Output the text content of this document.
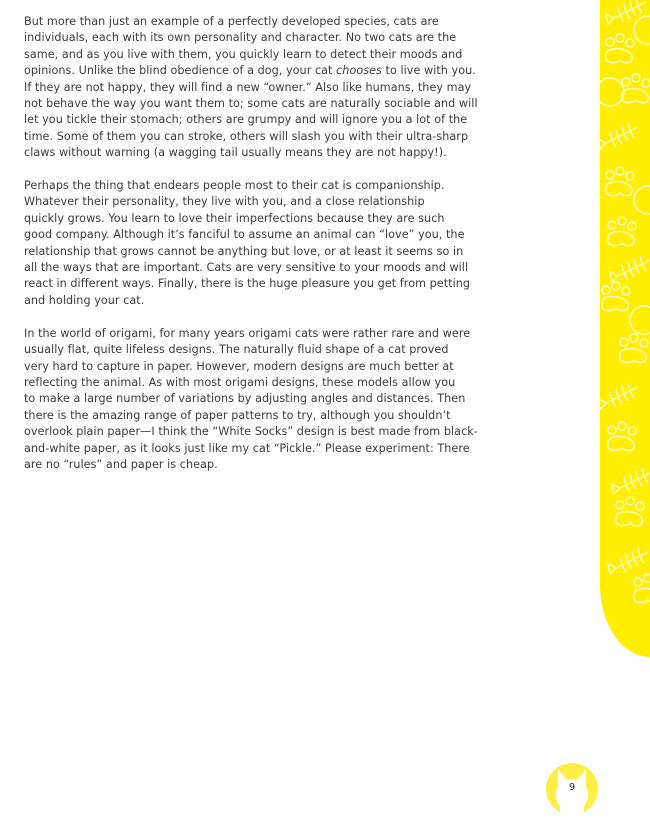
But more than just an example of a perfectly developed species, cats are
individuals, each with its own personality and character. No two cats are the
same, and as you live with them, you quickly learn to detect their moods and
opinions. Unlike the blind obedience of a dog, your cat chooses to live with you.
If they are not happy, they will find a new “owner.” Also like humans, they may
not behave the way you want them to; some cats are naturally sociable and will
let you tickle their stomach; others are grumpy and will ignore you a lot of the
time. Some of them you can stroke, others will slash you with their ultra-sharp
claws without warning (a wagging tail usually means they are not happy!).

Perhaps the thing that endears people most to their cat is companionship.
Whatever their personality, they live with you, and a close relationship
quickly grows. You learn to love their imperfections because they are such
good company. Although it’s fanciful to assume an animal can “love” you, the
relationship that grows cannot be anything but love, or at least it seems so in
all the ways that are important. Cats are very sensitive to your moods and will
react in different ways. Finally, there is the huge pleasure you get from petting
and holding your cat.

In the world of origami, for many years origami cats were rather rare and were
usually flat, quite lifeless designs. The naturally fluid shape of a cat proved
very hard to capture in paper. However, modern designs are much better at
reflecting the animal. As with most origami designs, these models allow you
to make a large number of variations by adjusting angles and distances. Then
there is the amazing range of paper patterns to try, although you shouldn’t
overlook plain paper—I think the “White Socks” design is best made from black-
and-white paper, as it looks just like my cat “Pickle.” Please experiment: There
are no “rules” and paper is cheap.

9
